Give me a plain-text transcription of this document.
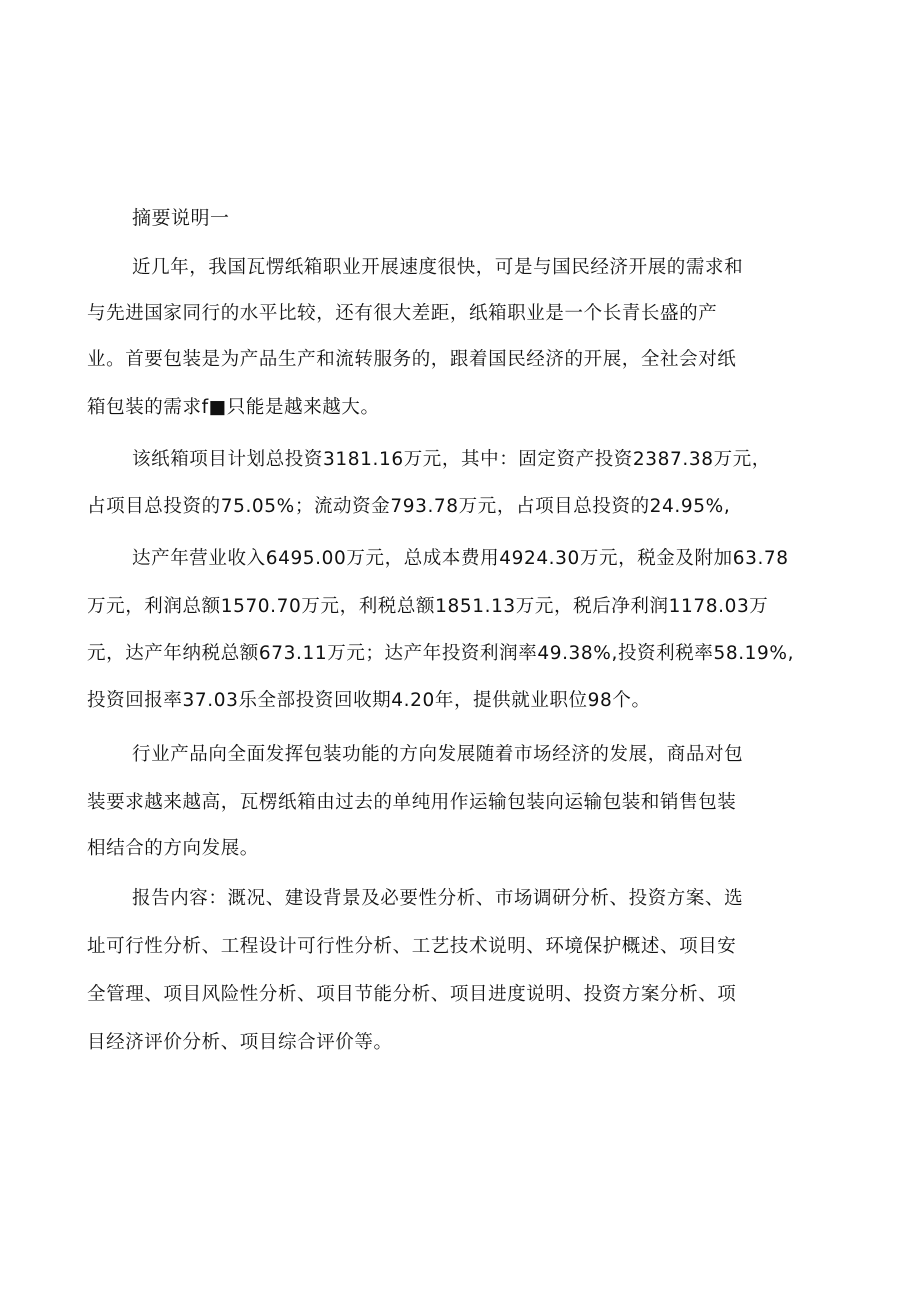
摘要说明一
近几年，我国瓦愣纸箱职业开展速度很快，可是与国民经济开展的需求和
与先进国家同行的水平比较，还有很大差距，纸箱职业是一个长青长盛的产
业。首要包装是为产品生产和流转服务的，跟着国民经济的开展，全社会对纸
箱包装的需求f■只能是越来越大。
该纸箱项目计划总投资3181.16万元，其中：固定资产投资2387.38万元，
占项目总投资的75.05%；流动资金793.78万元，占项目总投资的24.95%,
达产年营业收入6495.00万元，总成本费用4924.30万元，税金及附加63.78
万元，利润总额1570.70万元，利税总额1851.13万元，税后净利润1178.03万
元，达产年纳税总额673.11万元；达产年投资利润率49.38%,投资利税率58.19%,
投资回报率37.03乐全部投资回收期4.20年，提供就业职位98个。
行业产品向全面发挥包装功能的方向发展随着市场经济的发展，商品对包
装要求越来越高，瓦楞纸箱由过去的单纯用作运输包装向运输包装和销售包装
相结合的方向发展。
报告内容：溉况、建设背景及必要性分析、市场调研分析、投资方案、选
址可行性分析、工程设计可行性分析、工艺技术说明、环境保护概述、项目安
全管理、项目风险性分析、项目节能分析、项目进度说明、投资方案分析、项
目经济评价分析、项目综合评价等。
